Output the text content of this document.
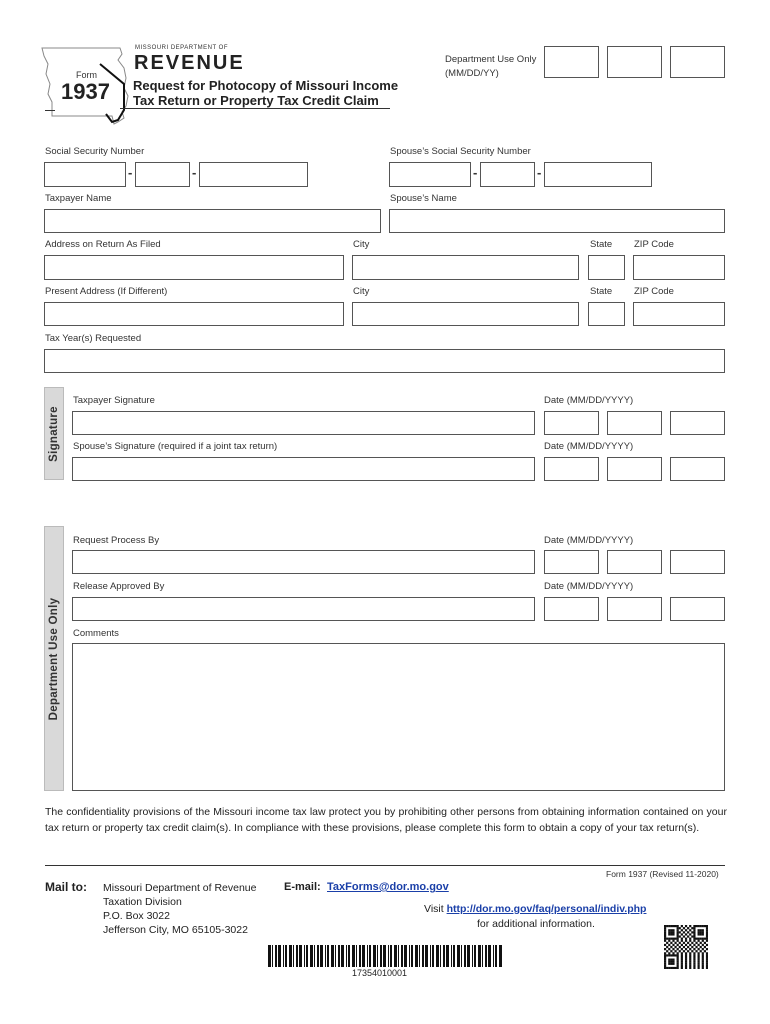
Form
1937
MISSOURI DEPARTMENT OF
REVENUE
Request for Photocopy of Missouri Income
Tax Return or Property Tax Credit Claim
Department Use Only
(MM/DD/YY)
Social Security Number
-	-
Spouse’s Social Security Number
-	-
Taxpayer Name	Spouse’s Name
Address on Return As Filed	City	State ZIP Code
Present Address (If Different)	City	State ZIP Code
Tax Year(s) Requested
Signature
Taxpayer Signature	Date (MM/DD/YYYY)
Spouse’s Signature (required if a joint tax return)	Date (MM/DD/YYYY)
Department Use Only
Request Process By	Date (MM/DD/YYYY)
Release Approved By	Date (MM/DD/YYYY)
Comments
The confidentiality provisions of the Missouri income tax law protect you by prohibiting other persons from obtaining information contained on your tax return or property tax credit claim(s). In compliance with these provisions, please complete this form to obtain a copy of your tax return(s).
Form 1937 (Revised 11-2020)
Mail to: Missouri Department of Revenue
Taxation Division
P.O. Box 3022
Jefferson City, MO 65105-3022
E-mail: TaxForms@dor.mo.gov
Visit http://dor.mo.gov/faq/personal/indiv.php
for additional information.
17354010001
